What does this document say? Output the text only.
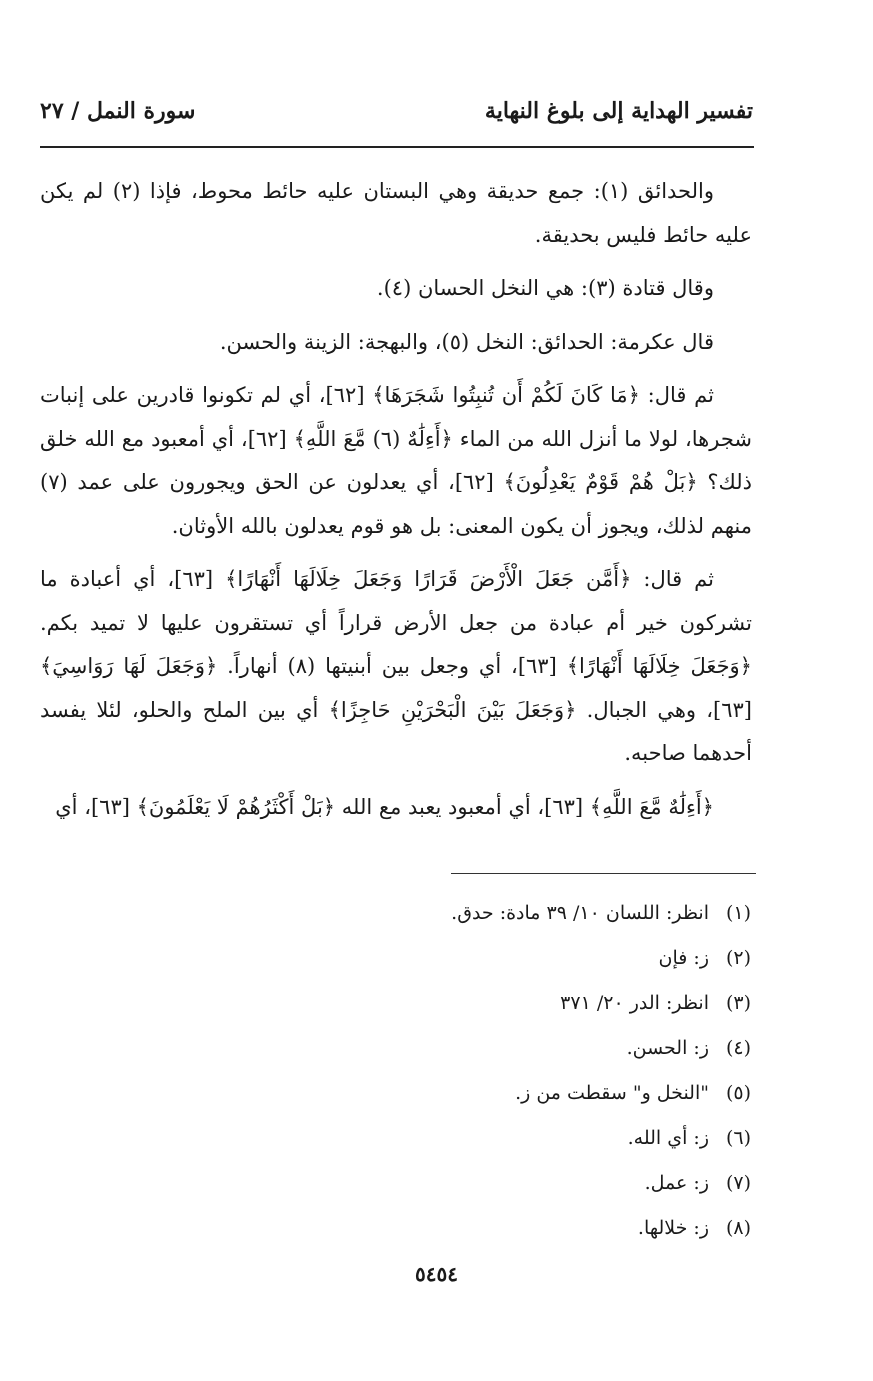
تفسير الهداية إلى بلوغ النهاية
سورة النمل / ٢٧

والحدائق (١): جمع حديقة وهي البستان عليه حائط محوط، فإذا (٢) لم يكن عليه حائط فليس بحديقة.

وقال قتادة (٣): هي النخل الحسان (٤).

قال عكرمة: الحدائق: النخل (٥)، والبهجة: الزينة والحسن.

ثم قال: ﴿مَا كَانَ لَكُمْ أَن تُنبِتُوا شَجَرَهَا﴾ [٦٢]، أي لم تكونوا قادرين على إنبات شجرها، لولا ما أنزل الله من الماء ﴿أَءِلَٰهٌ (٦) مَّعَ اللَّهِ﴾ [٦٢]، أي أمعبود مع الله خلق ذلك؟ ﴿بَلْ هُمْ قَوْمٌ يَعْدِلُونَ﴾ [٦٢]، أي يعدلون عن الحق ويجورون على عمد (٧) منهم لذلك، ويجوز أن يكون المعنى: بل هو قوم يعدلون بالله الأوثان.

ثم قال: ﴿أَمَّن جَعَلَ الْأَرْضَ قَرَارًا وَجَعَلَ خِلَالَهَا أَنْهَارًا﴾ [٦٣]، أي أعبادة ما تشركون خير أم عبادة من جعل الأرض قراراً أي تستقرون عليها لا تميد بكم. ﴿وَجَعَلَ خِلَالَهَا أَنْهَارًا﴾ [٦٣]، أي وجعل بين أبنيتها (٨) أنهاراً. ﴿وَجَعَلَ لَهَا رَوَاسِيَ﴾ [٦٣]، وهي الجبال. ﴿وَجَعَلَ بَيْنَ الْبَحْرَيْنِ حَاجِزًا﴾ أي بين الملح والحلو، لئلا يفسد أحدهما صاحبه.

﴿أَءِلَٰهٌ مَّعَ اللَّهِ﴾ [٦٣]، أي أمعبود يعبد مع الله ﴿بَلْ أَكْثَرُهُمْ لَا يَعْلَمُونَ﴾ [٦٣]، أي

(١)انظر: اللسان ١٠/ ٣٩ مادة: حدق.
(٢)ز: فإن
(٣)انظر: الدر ٢٠/ ٣٧١
(٤)ز: الحسن.
(٥)"النخل و" سقطت من ز.
(٦)ز: أي الله.
(٧)ز: عمل.
(٨)ز: خلالها.
٥٤٥٤
